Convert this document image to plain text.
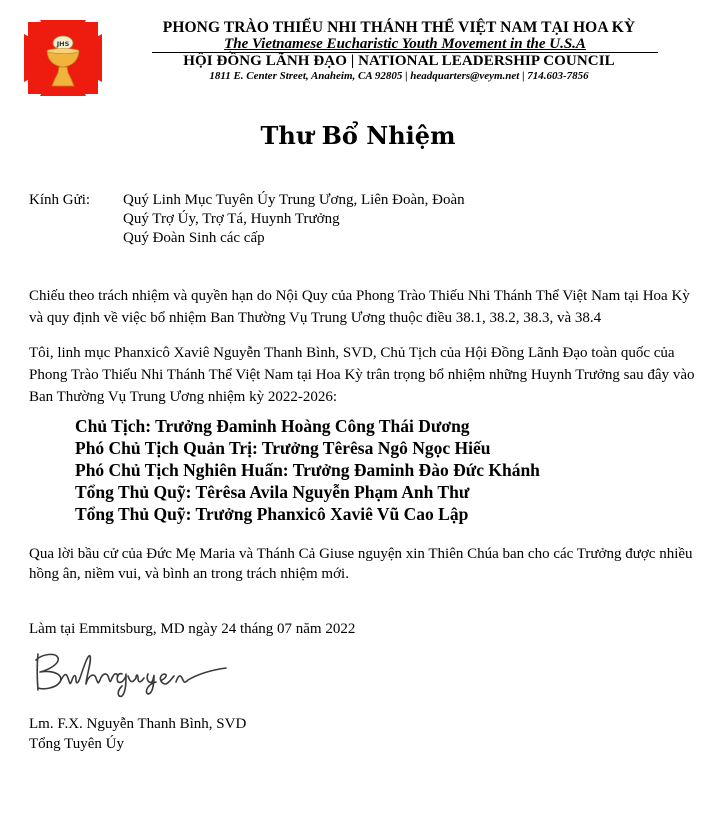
JHS
PHONG TRÀO THIẾU NHI THÁNH THỂ VIỆT NAM TẠI HOA KỲ
The Vietnamese Eucharistic Youth Movement in the U.S.A
HỘI ĐỒNG LÃNH ĐẠO | NATIONAL LEADERSHIP COUNCIL
1811 E. Center Street, Anaheim, CA 92805 | headquarters@veym.net | 714.603-7856
Thư Bổ Nhiệm
Kính Gửi: Quý Linh Mục Tuyên Úy Trung Ương, Liên Đoàn, Đoàn
Quý Trợ Úy, Trợ Tá, Huynh Trưởng
Quý Đoàn Sinh các cấp
Chiếu theo trách nhiệm và quyền hạn do Nội Quy của Phong Trào Thiếu Nhi Thánh Thể Việt Nam tại Hoa Kỳ và quy định về việc bổ nhiệm Ban Thường Vụ Trung Ương thuộc điều 38.1, 38.2, 38.3, và 38.4
Tôi, linh mục Phanxicô Xaviê Nguyễn Thanh Bình, SVD, Chủ Tịch của Hội Đồng Lãnh Đạo toàn quốc của Phong Trào Thiếu Nhi Thánh Thể Việt Nam tại Hoa Kỳ trân trọng bổ nhiệm những Huynh Trưởng sau đây vào Ban Thường Vụ Trung Ương nhiệm kỳ 2022-2026:
Chủ Tịch: Trưởng Đaminh Hoàng Công Thái Dương
Phó Chủ Tịch Quản Trị: Trưởng Têrêsa Ngô Ngọc Hiếu
Phó Chủ Tịch Nghiên Huấn: Trưởng Đaminh Đào Đức Khánh
Tổng Thủ Quỹ: Têrêsa Avila Nguyễn Phạm Anh Thư
Tổng Thủ Quỹ: Trưởng Phanxicô Xaviê Vũ Cao Lập
Qua lời bầu cử của Đức Mẹ Maria và Thánh Cả Giuse nguyện xin Thiên Chúa ban cho các Trưởng được nhiều hồng ân, niềm vui, và bình an trong trách nhiệm mới.
Làm tại Emmitsburg, MD ngày 24 tháng 07 năm 2022
Lm. F.X. Nguyễn Thanh Bình, SVD
Tổng Tuyên Úy
